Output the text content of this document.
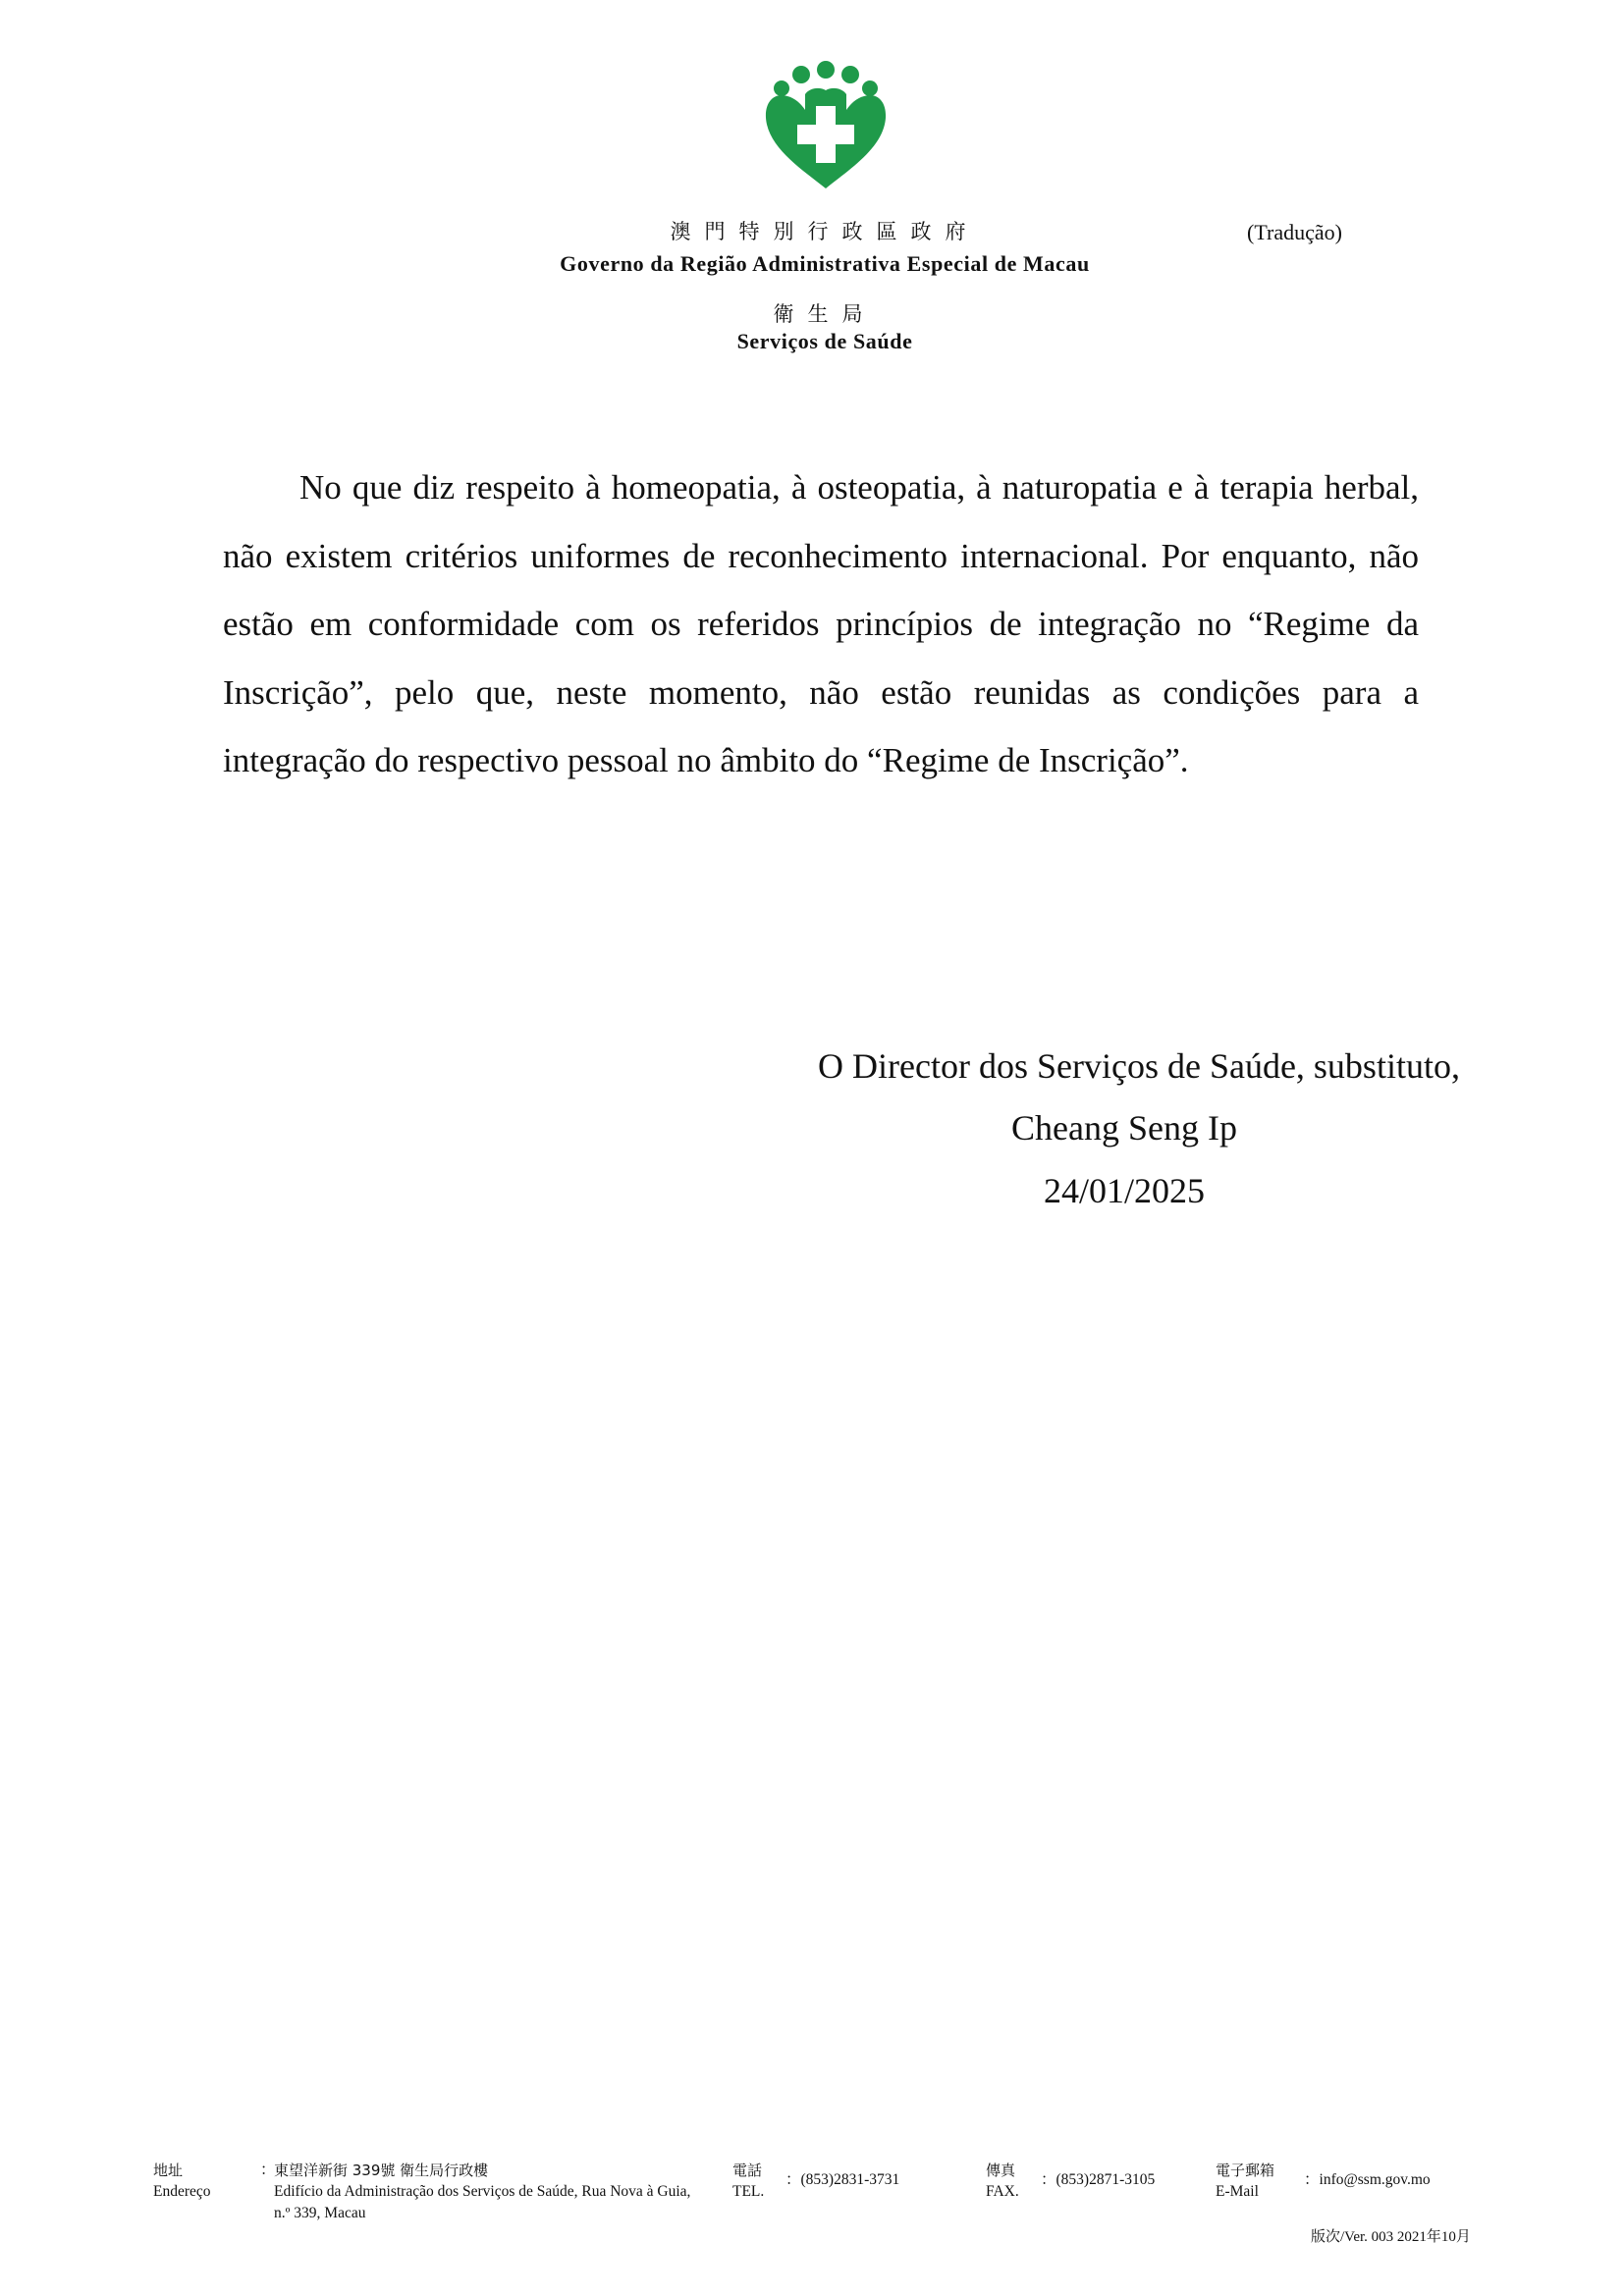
澳門特別行政區政府
Governo da Região Administrativa Especial de Macau
衛生局
Serviços de Saúde
(Tradução)

No que diz respeito à homeopatia, à osteopatia, à naturopatia e à terapia herbal, não existem critérios uniformes de reconhecimento internacional. Por enquanto, não estão em conformidade com os referidos princípios de integração no “Regime da Inscrição”, pelo que, neste momento, não estão reunidas as condições para a integração do respectivo pessoal no âmbito do “Regime de Inscrição”.

O Director dos Serviços de Saúde, substituto,
Cheang Seng Ip
24/01/2025
地址
Endereço
：
東望洋新街 339號 衛生局行政樓
Edifício da Administração dos Serviços de Saúde, Rua Nova à Guia, n.º 339, Macau
電話
TEL.
：(853)2831-3731
傳真
FAX.
：(853)2871-3105
電子郵箱
E-Mail
：info@ssm.gov.mo
版次/Ver. 003 2021年10月
